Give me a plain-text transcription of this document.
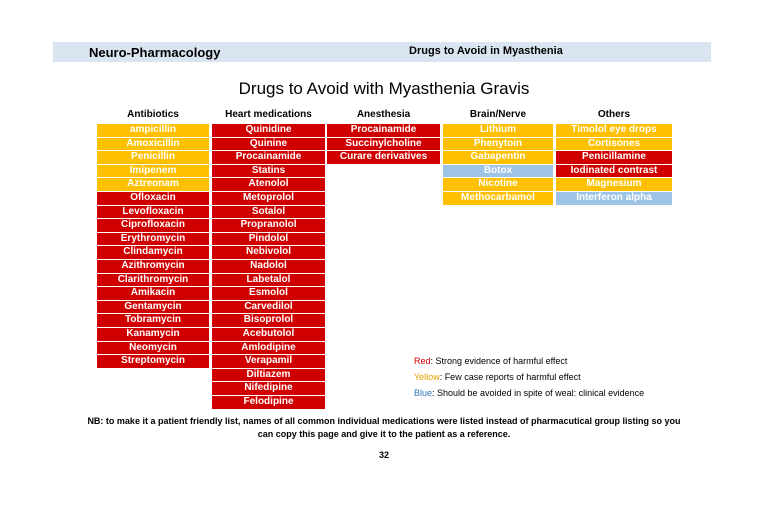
Neuro-Pharmacology	Drugs to Avoid in Myasthenia
Drugs to Avoid with Myasthenia Gravis
Antibiotics
ampicillin
Amoxicillin
Penicillin
Imipenem
Aztreonam
Ofloxacin
Levofloxacin
Ciprofloxacin
Erythromycin
Clindamycin
Azithromycin
Clarithromycin
Amikacin
Gentamycin
Tobramycin
Kanamycin
Neomycin
Streptomycin
Heart medications
Quinidine
Quinine
Procainamide
Statins
Atenolol
Metoprolol
Sotalol
Propranolol
Pindolol
Nebivolol
Nadolol
Labetalol
Esmolol
Carvedilol
Bisoprolol
Acebutolol
Amlodipine
Verapamil
Diltiazem
Nifedipine
Felodipine
Anesthesia
Procainamide
Succinylcholine
Curare derivatives
Brain/Nerve
Lithium
Phenytoin
Gabapentin
Botox
Nicotine
Methocarbamol
Others
Timolol eye drops
Cortisones
Penicillamine
Iodinated contrast
Magnesium
Interferon alpha
Red: Strong evidence of harmful effect
Yellow: Few case reports of harmful effect
Blue: Should be avoided in spite of weal: clinical evidence
NB: to make it a patient friendly list, names of all common individual medications were listed instead of pharmacutical group listing so you can copy this page and give it to the patient as a reference.
32
